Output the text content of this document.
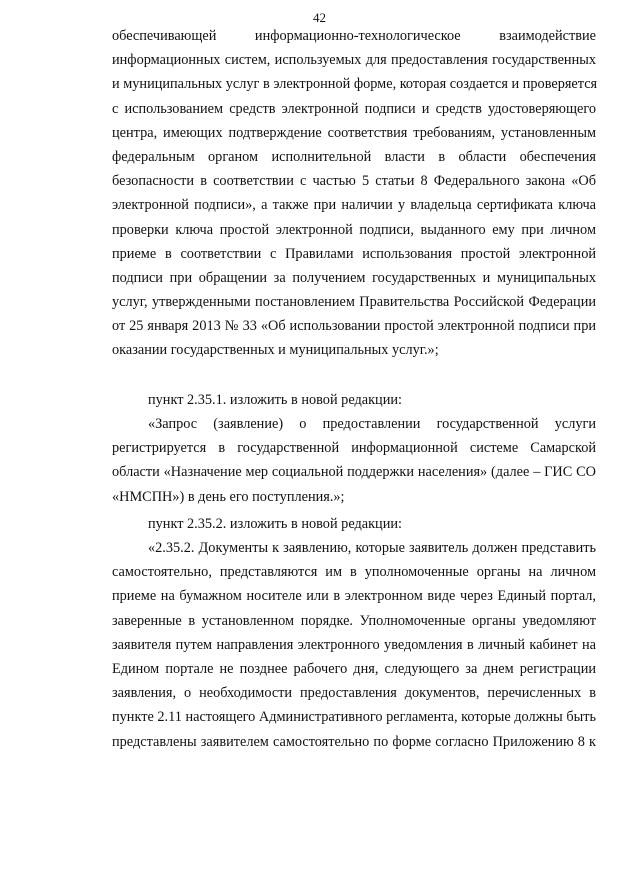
42
обеспечивающей информационно-технологическое взаимодействие
информационных систем, используемых для предоставления государственных
и муниципальных услуг в электронной форме, которая создается и проверяется
с использованием средств электронной подписи и средств удостоверяющего
центра, имеющих подтверждение соответствия требованиям, установленным
федеральным органом исполнительной власти в области обеспечения
безопасности в соответствии с частью 5 статьи 8 Федерального закона «Об
электронной подписи», а также при наличии у владельца сертификата ключа
проверки ключа простой электронной подписи, выданного ему при личном
приеме в соответствии с Правилами использования простой электронной
подписи при обращении за получением государственных и муниципальных
услуг, утвержденными постановлением Правительства Российской Федерации
от 25 января 2013 № 33 «Об использовании простой электронной подписи при
оказании государственных и муниципальных услуг.»;
пункт 2.35.1. изложить в новой редакции:
«Запрос (заявление) о предоставлении государственной услуги
регистрируется в государственной информационной системе Самарской
области «Назначение мер социальной поддержки населения» (далее – ГИС СО
«НМСПН») в день его поступления.»;
пункт 2.35.2. изложить в новой редакции:
«2.35.2. Документы к заявлению, которые заявитель должен представить
самостоятельно, представляются им в уполномоченные органы на личном
приеме на бумажном носителе или в электронном виде через Единый портал,
заверенные в установленном порядке. Уполномоченные органы уведомляют
заявителя путем направления электронного уведомления в личный кабинет на
Едином портале не позднее рабочего дня, следующего за днем регистрации
заявления, о необходимости предоставления документов, перечисленных в
пункте 2.11 настоящего Административного регламента, которые должны быть
представлены заявителем самостоятельно по форме согласно Приложению 8 к
